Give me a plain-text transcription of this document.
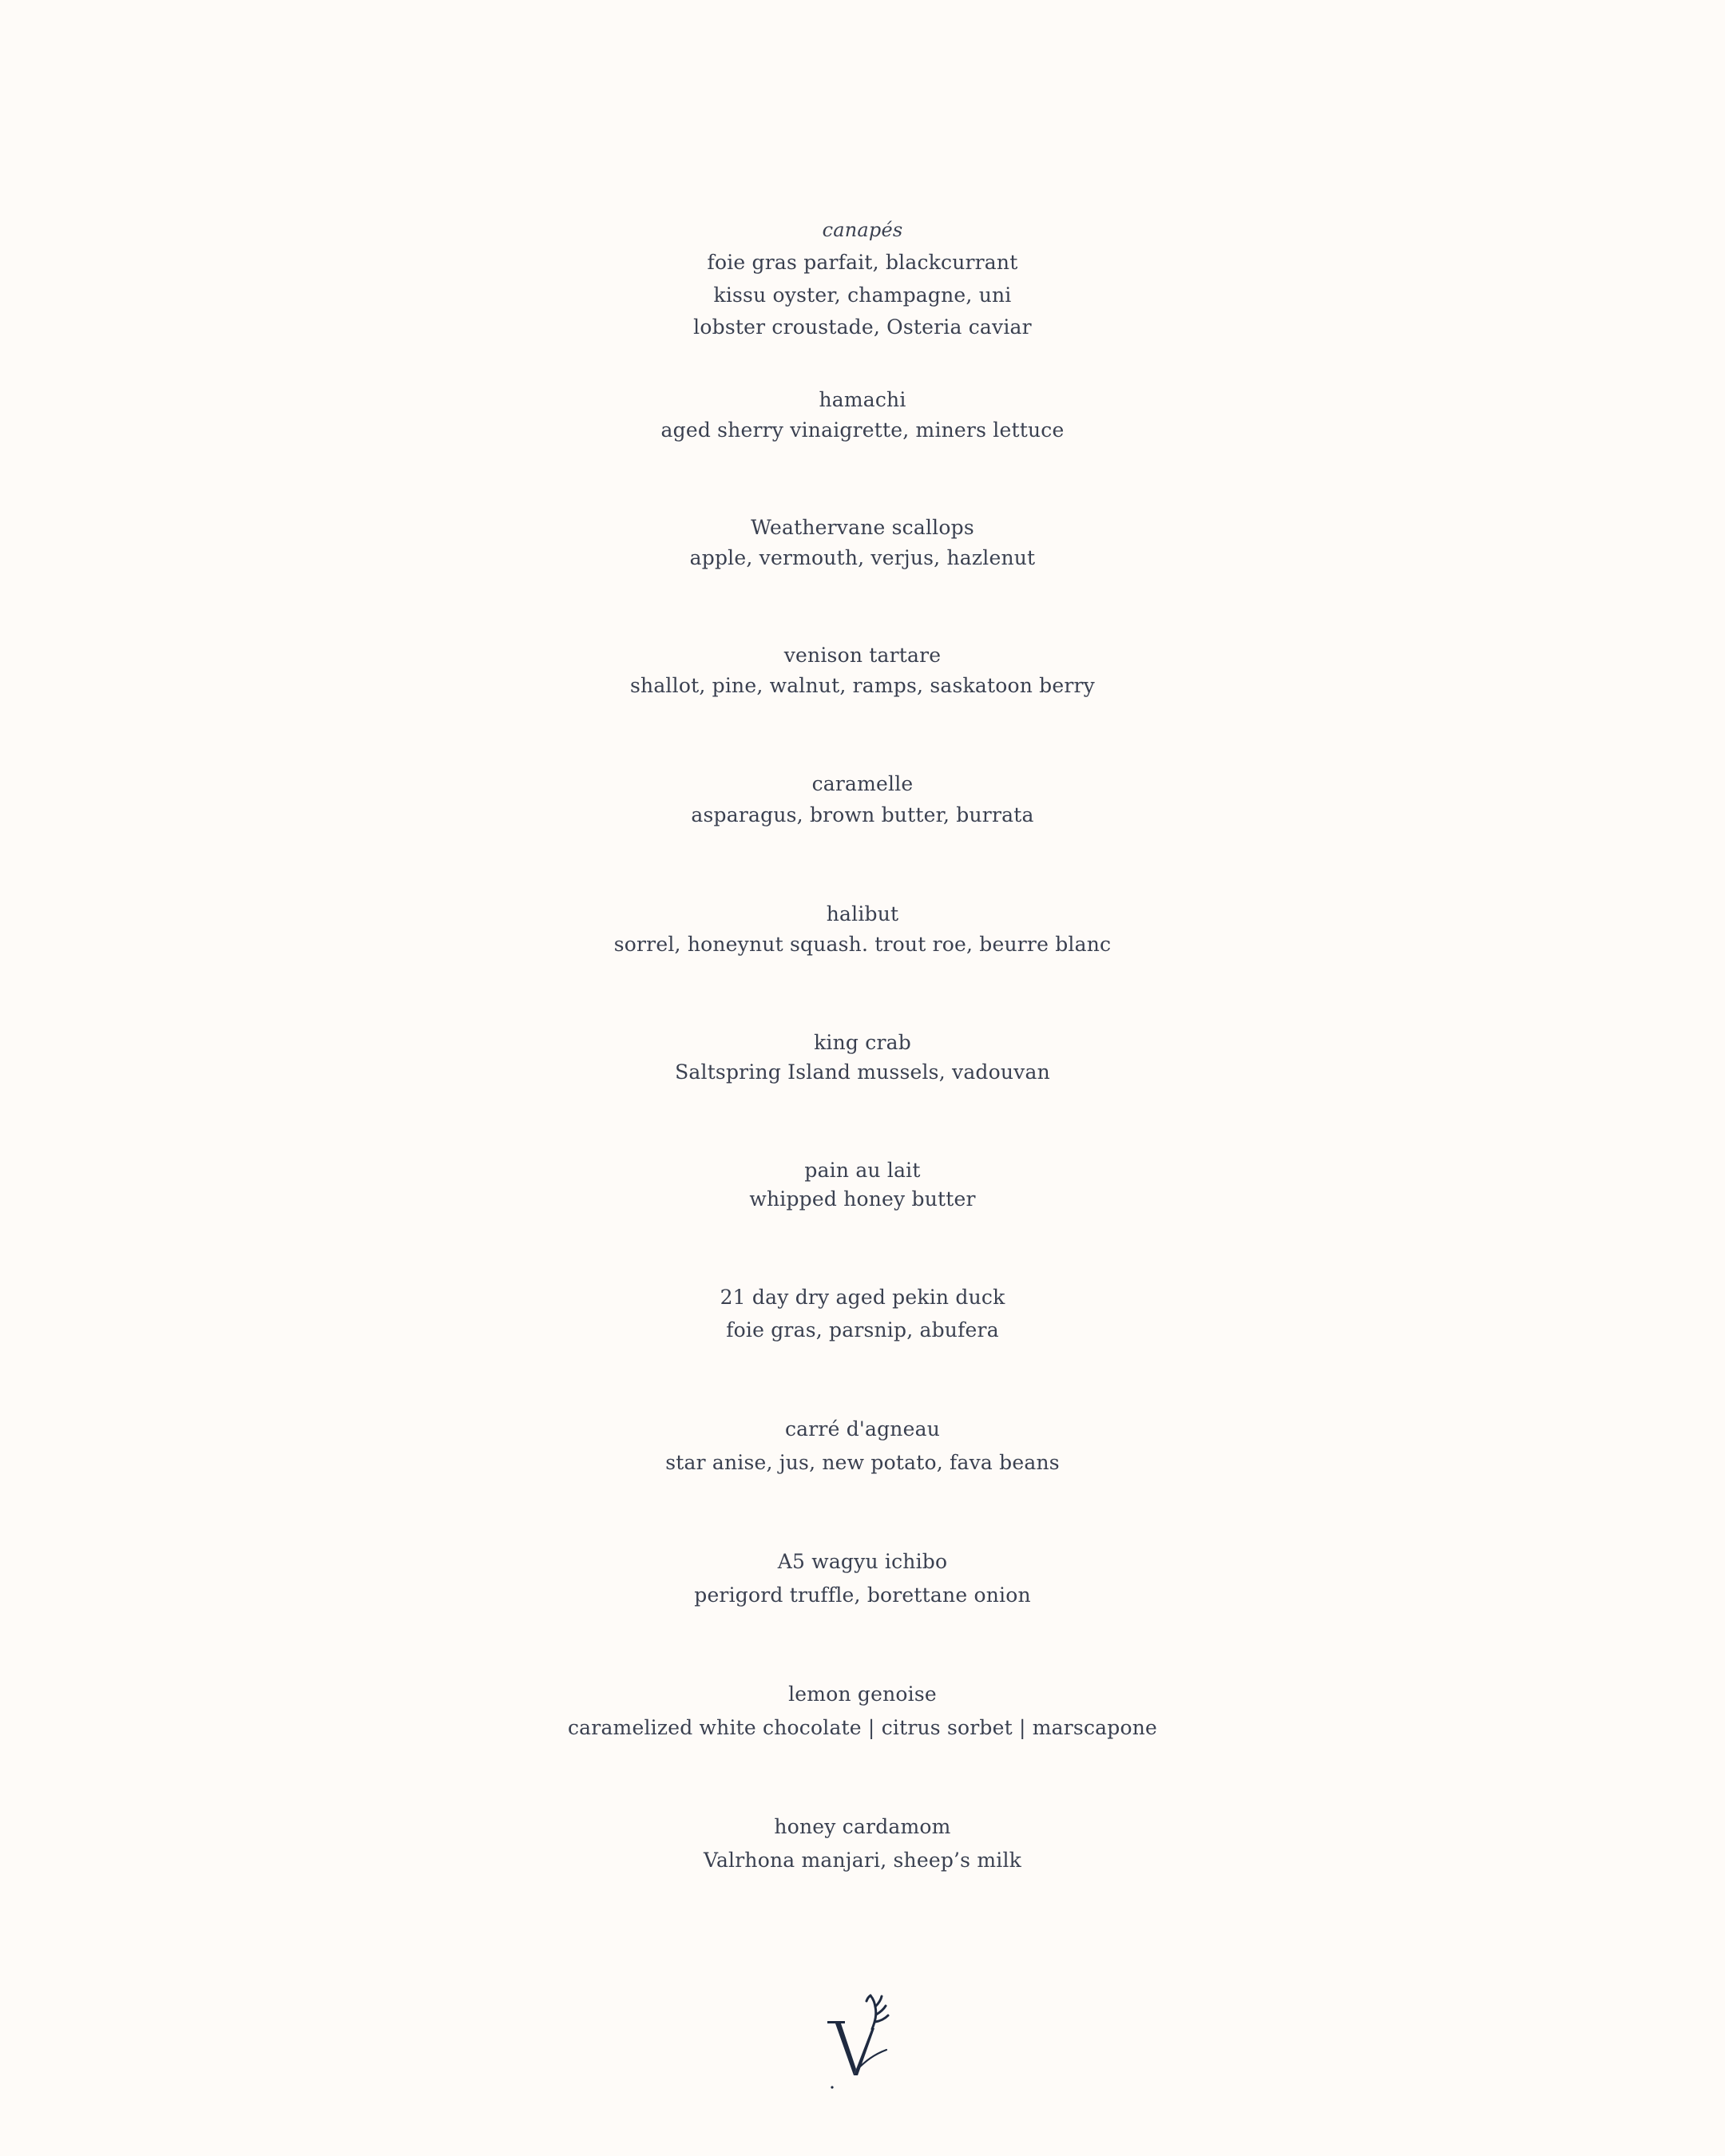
canapés
foie gras parfait, blackcurrant
kissu oyster, champagne, uni
lobster croustade, Osteria caviar
hamachi
aged sherry vinaigrette, miners lettuce
Weathervane scallops
apple, vermouth, verjus, hazlenut
venison tartare
shallot, pine, walnut, ramps, saskatoon berry
caramelle
asparagus, brown butter, burrata
halibut
sorrel, honeynut squash. trout roe, beurre blanc
king crab
Saltspring Island mussels, vadouvan
pain au lait
whipped honey butter
21 day dry aged pekin duck
foie gras, parsnip, abufera
carré d'agneau
star anise, jus, new potato, fava beans
A5 wagyu ichibo
perigord truffle, borettane onion
lemon genoise
caramelized white chocolate | citrus sorbet | marscapone
honey cardamom
Valrhona manjari, sheep’s milk
